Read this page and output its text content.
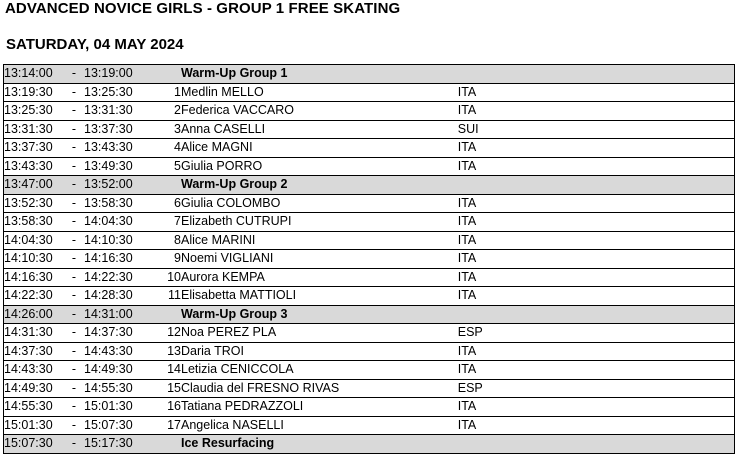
ADVANCED NOVICE GIRLS - GROUP 1 FREE SKATING
SATURDAY, 04 MAY 2024
13:14:00	-	13:19:00		Warm-Up Group 1	
13:19:30	-	13:25:30	1	Medlin MELLO	ITA
13:25:30	-	13:31:30	2	Federica VACCARO	ITA
13:31:30	-	13:37:30	3	Anna CASELLI	SUI
13:37:30	-	13:43:30	4	Alice MAGNI	ITA
13:43:30	-	13:49:30	5	Giulia PORRO	ITA
13:47:00	-	13:52:00		Warm-Up Group 2	
13:52:30	-	13:58:30	6	Giulia COLOMBO	ITA
13:58:30	-	14:04:30	7	Elizabeth CUTRUPI	ITA
14:04:30	-	14:10:30	8	Alice MARINI	ITA
14:10:30	-	14:16:30	9	Noemi VIGLIANI	ITA
14:16:30	-	14:22:30	10	Aurora KEMPA	ITA
14:22:30	-	14:28:30	11	Elisabetta MATTIOLI	ITA
14:26:00	-	14:31:00		Warm-Up Group 3	
14:31:30	-	14:37:30	12	Noa PEREZ PLA	ESP
14:37:30	-	14:43:30	13	Daria TROI	ITA
14:43:30	-	14:49:30	14	Letizia CENICCOLA	ITA
14:49:30	-	14:55:30	15	Claudia del FRESNO RIVAS	ESP
14:55:30	-	15:01:30	16	Tatiana PEDRAZZOLI	ITA
15:01:30	-	15:07:30	17	Angelica NASELLI	ITA
15:07:30	-	15:17:30		Ice Resurfacing	
